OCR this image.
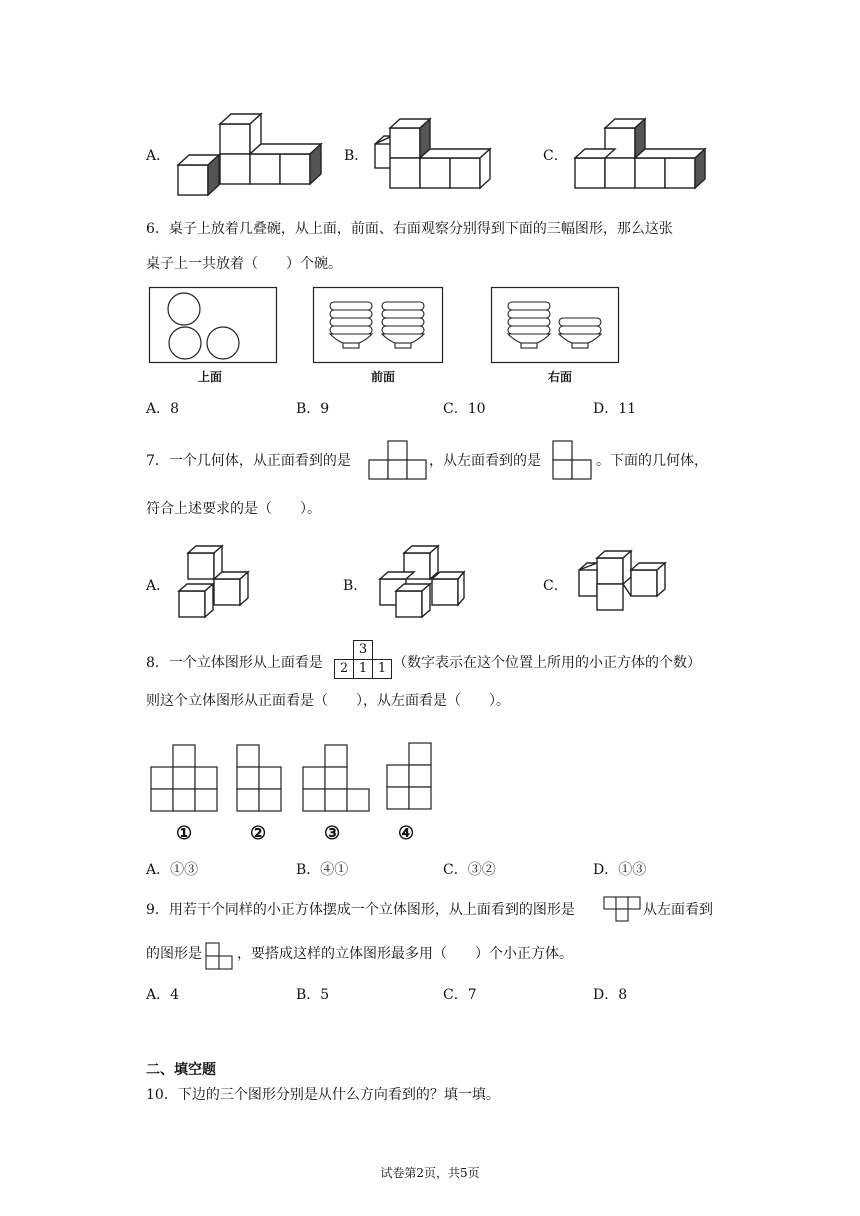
A．	B．	C．
6．桌子上放着几叠碗，从上面，前面、右面观察分别得到下面的三幅图形，那么这张
桌子上一共放着（　　）个碗。
上面	前面	右面
A．8	B．9	C．10	D．11
7．一个几何体，从正面看到的是	，从左面看到的是	。下面的几何体，
符合上述要求的是（　　）。
A．	B．	C．
8．一个立体图形从上面看是
3
2 1 1 （数字表示在这个位置上所用的小正方体的个数）
则这个立体图形从正面看是（　　），从左面看是（　　）。
①	②	③	④
A．①③	B．④①	C．③②	D．①③
9．用若干个同样的小正方体摆成一个立体图形，从上面看到的图形是	从左面看到
的图形是	，要搭成这样的立体图形最多用（　　）个小正方体。
A．4	B．5	C．7	D．8
二、填空题
10．下边的三个图形分别是从什么方向看到的？填一填。
试卷第2页，共5页
